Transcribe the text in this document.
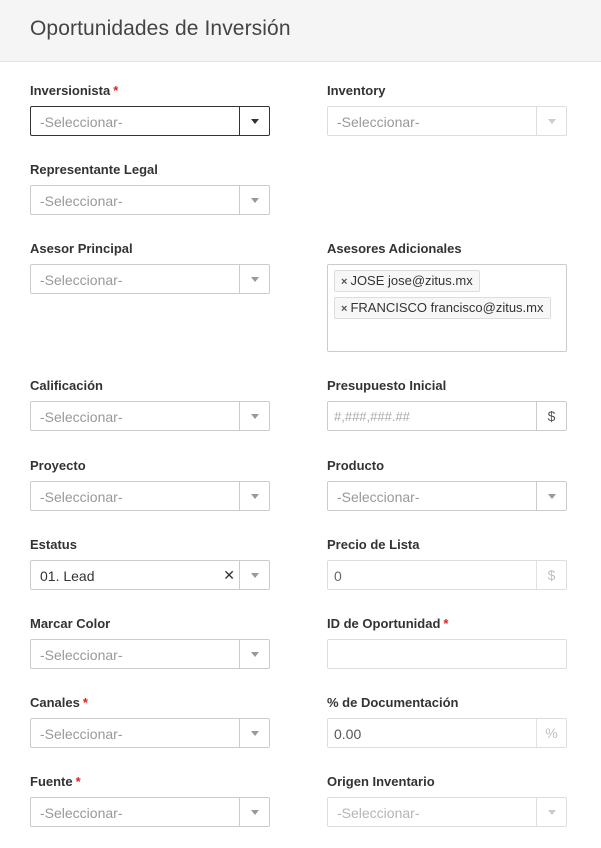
Oportunidades de Inversión
Inversionista *
-Seleccionar-
Inventory
-Seleccionar-
Representante Legal
-Seleccionar-
Asesor Principal
-Seleccionar-
Asesores Adicionales
× JOSE jose@zitus.mx
× FRANCISCO francisco@zitus.mx
Calificación
-Seleccionar-
Presupuesto Inicial
#,###,###.##	$
Proyecto
-Seleccionar-
Producto
-Seleccionar-
Estatus
01. Lead	✕
Precio de Lista
0	$
Marcar Color
-Seleccionar-
ID de Oportunidad *
Canales *
-Seleccionar-
% de Documentación
0.00	%
Fuente *
-Seleccionar-
Origen Inventario
-Seleccionar-
